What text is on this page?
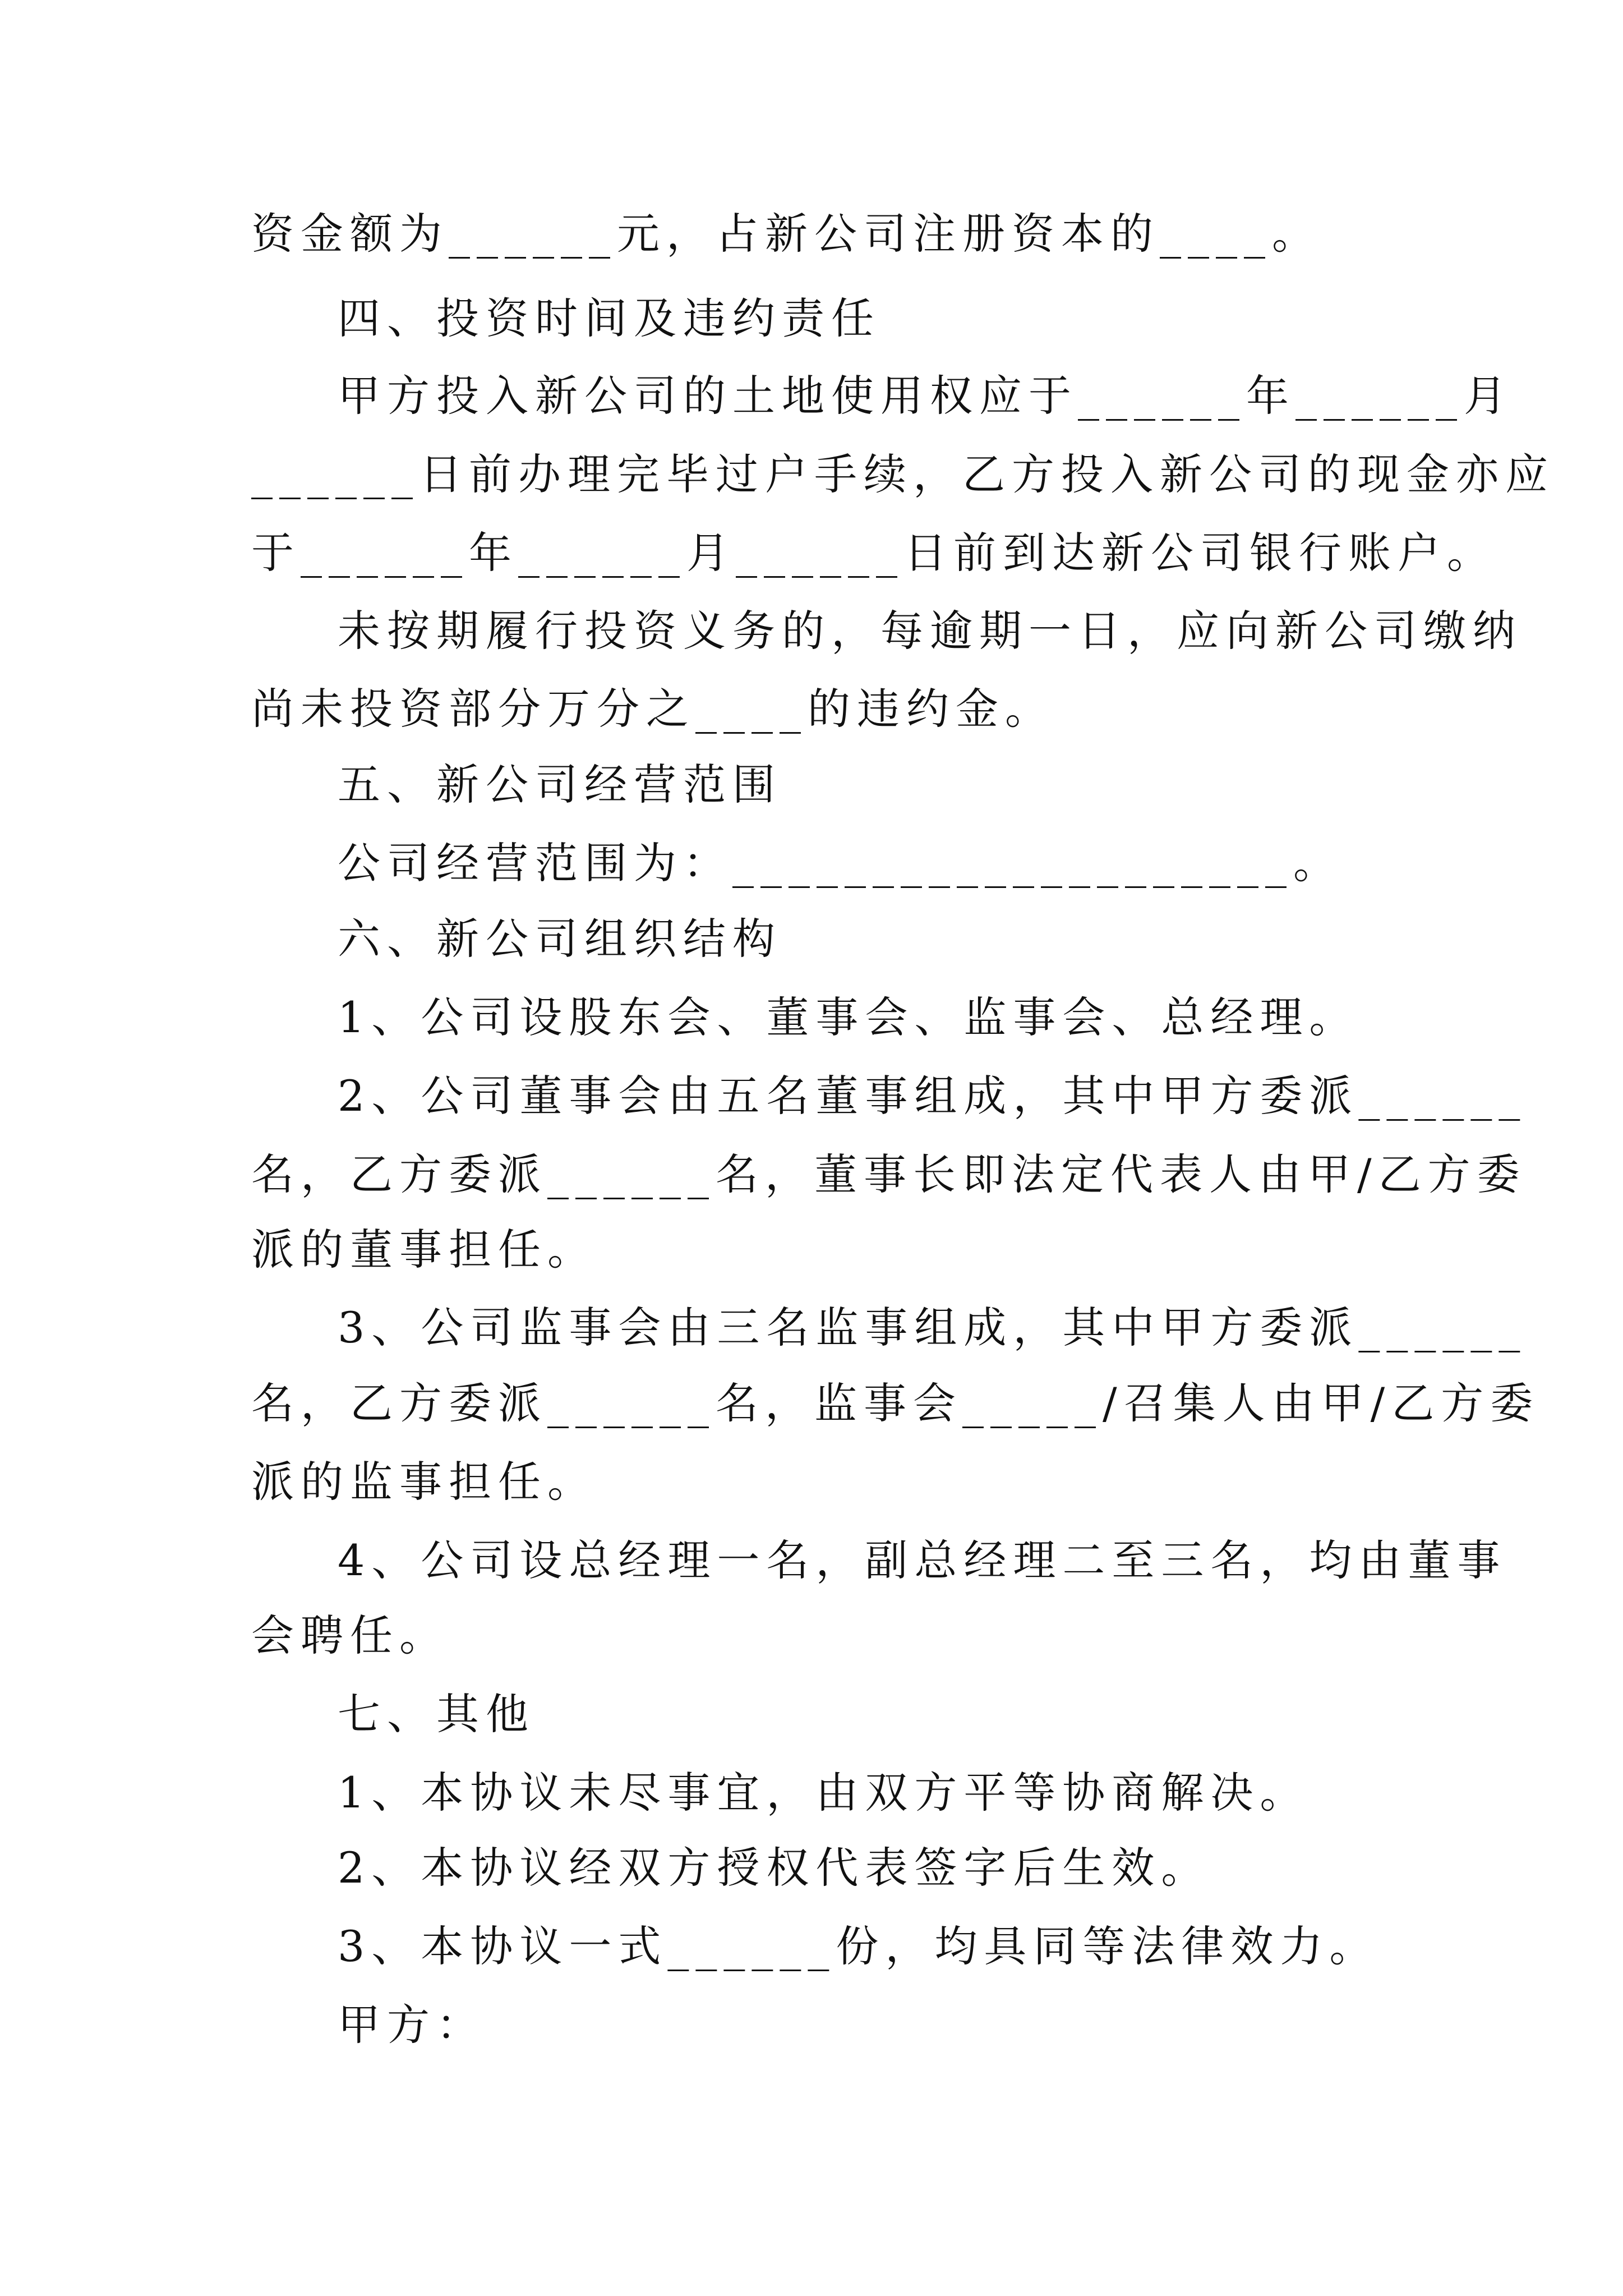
资金额为______元，占新公司注册资本的____。
四、投资时间及违约责任
甲方投入新公司的土地使用权应于______年______月
______日前办理完毕过户手续，乙方投入新公司的现金亦应
于______年______月______日前到达新公司银行账户。
未按期履行投资义务的，每逾期一日，应向新公司缴纳
尚未投资部分万分之____的违约金。
五、新公司经营范围
公司经营范围为：____________________。
六、新公司组织结构
1、公司设股东会、董事会、监事会、总经理。
2、公司董事会由五名董事组成，其中甲方委派______
名，乙方委派______名，董事长即法定代表人由甲/乙方委
派的董事担任。
3、公司监事会由三名监事组成，其中甲方委派______
名，乙方委派______名，监事会_____/召集人由甲/乙方委
派的监事担任。
4、公司设总经理一名，副总经理二至三名，均由董事
会聘任。
七、其他
1、本协议未尽事宜，由双方平等协商解决。
2、本协议经双方授权代表签字后生效。
3、本协议一式______份，均具同等法律效力。
甲方：
